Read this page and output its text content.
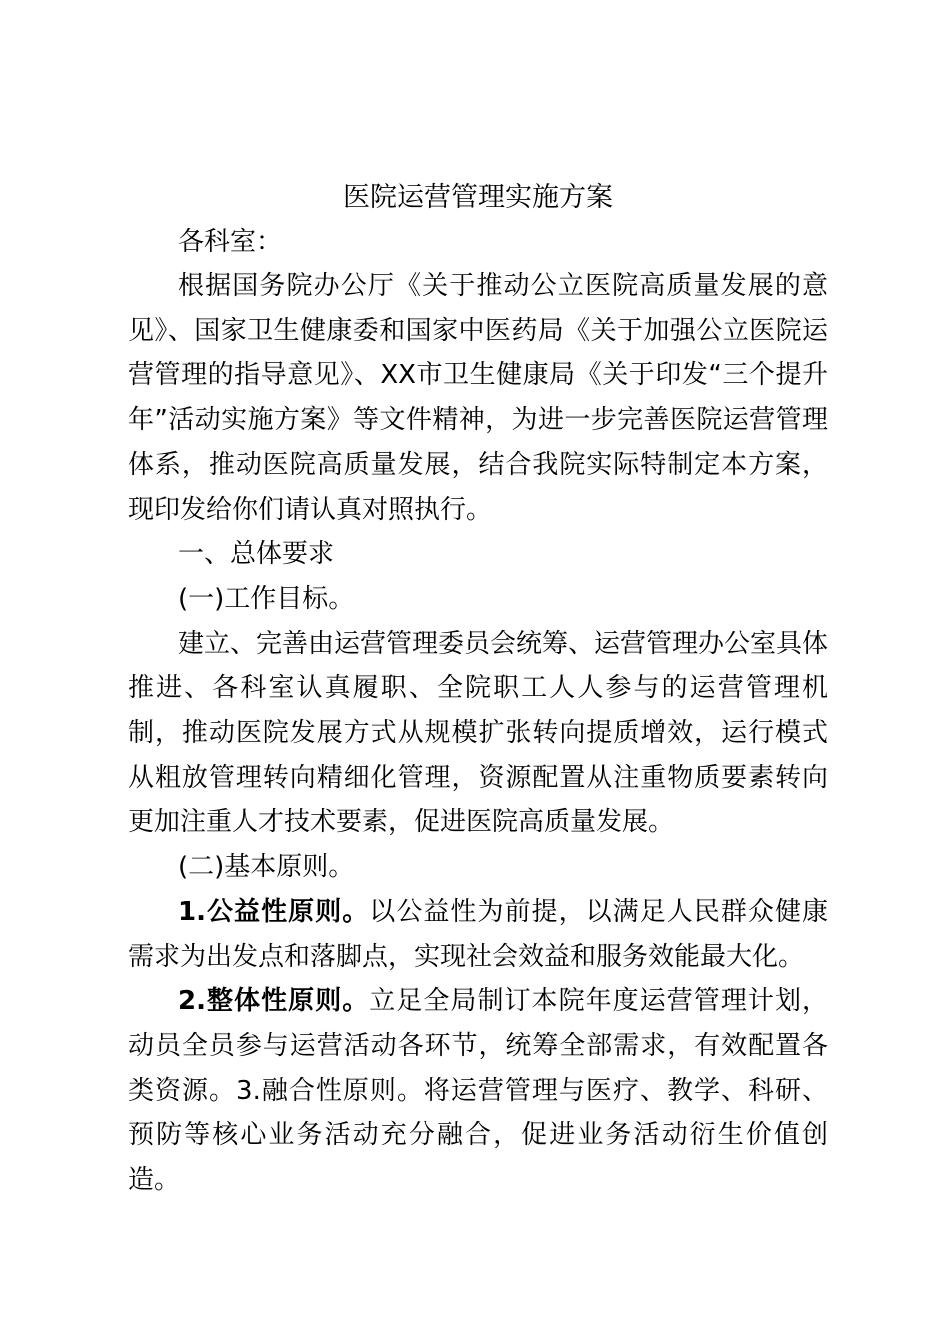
医院运营管理实施方案

各科室：

根据国务院办公厅《关于推动公立医院高质量发展的意见》、国家卫生健康委和国家中医药局《关于加强公立医院运营管理的指导意见》、XX市卫生健康局《关于印发“三个提升年”活动实施方案》等文件精神，为进一步完善医院运营管理体系，推动医院高质量发展，结合我院实际特制定本方案，现印发给你们请认真对照执行。

一、总体要求

(一)工作目标。

建立、完善由运营管理委员会统筹、运营管理办公室具体推进、各科室认真履职、全院职工人人参与的运营管理机制，推动医院发展方式从规模扩张转向提质增效，运行模式从粗放管理转向精细化管理，资源配置从注重物质要素转向更加注重人才技术要素，促进医院高质量发展。

(二)基本原则。

1.公益性原则。以公益性为前提，以满足人民群众健康需求为出发点和落脚点，实现社会效益和服务效能最大化。

2.整体性原则。立足全局制订本院年度运营管理计划，动员全员参与运营活动各环节，统筹全部需求，有效配置各类资源。3.融合性原则。将运营管理与医疗、教学、科研、预防等核心业务活动充分融合，促进业务活动衍生价值创造。
